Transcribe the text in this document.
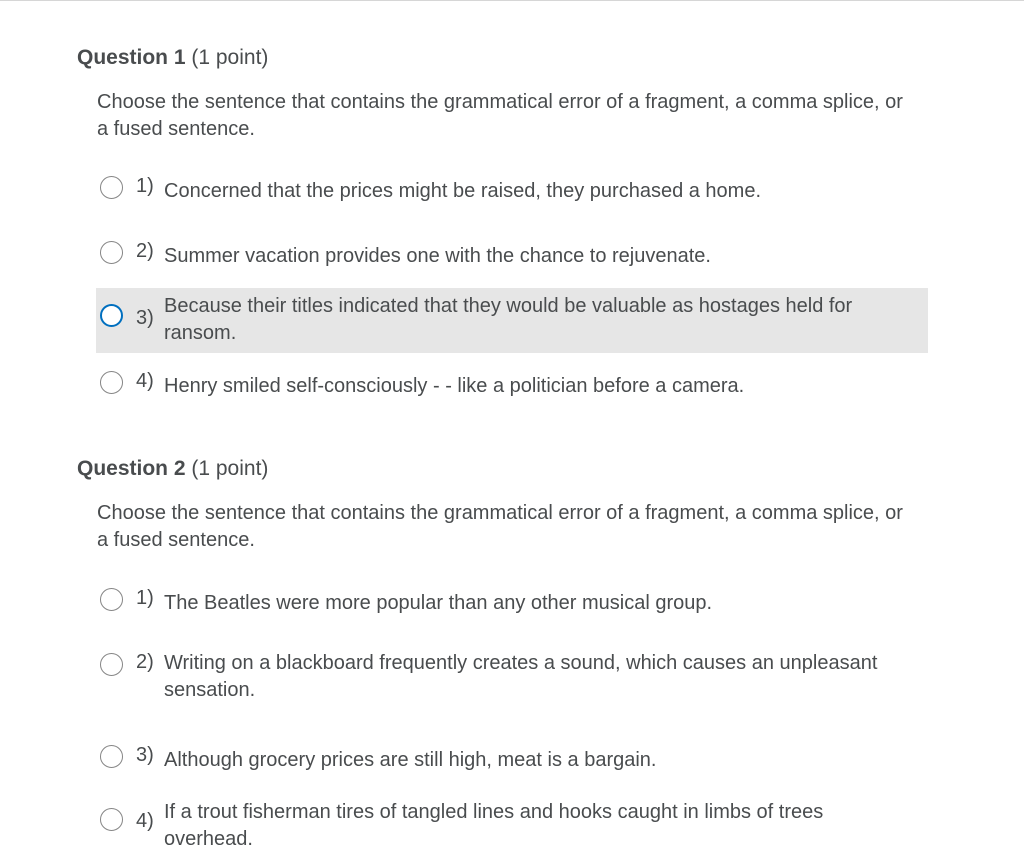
Question 1 (1 point)
Choose the sentence that contains the grammatical error of a fragment, a comma splice, or a fused sentence.
1) Concerned that the prices might be raised, they purchased a home.
2) Summer vacation provides one with the chance to rejuvenate.
3)
Because their titles indicated that they would be valuable as hostages held for ransom.
4) Henry smiled self-consciously - - like a politician before a camera.
Question 2 (1 point)
Choose the sentence that contains the grammatical error of a fragment, a comma splice, or a fused sentence.
1) The Beatles were more popular than any other musical group.
2) Writing on a blackboard frequently creates a sound, which causes an unpleasant sensation.
3) Although grocery prices are still high, meat is a bargain.
4) If a trout fisherman tires of tangled lines and hooks caught in limbs of trees overhead.
